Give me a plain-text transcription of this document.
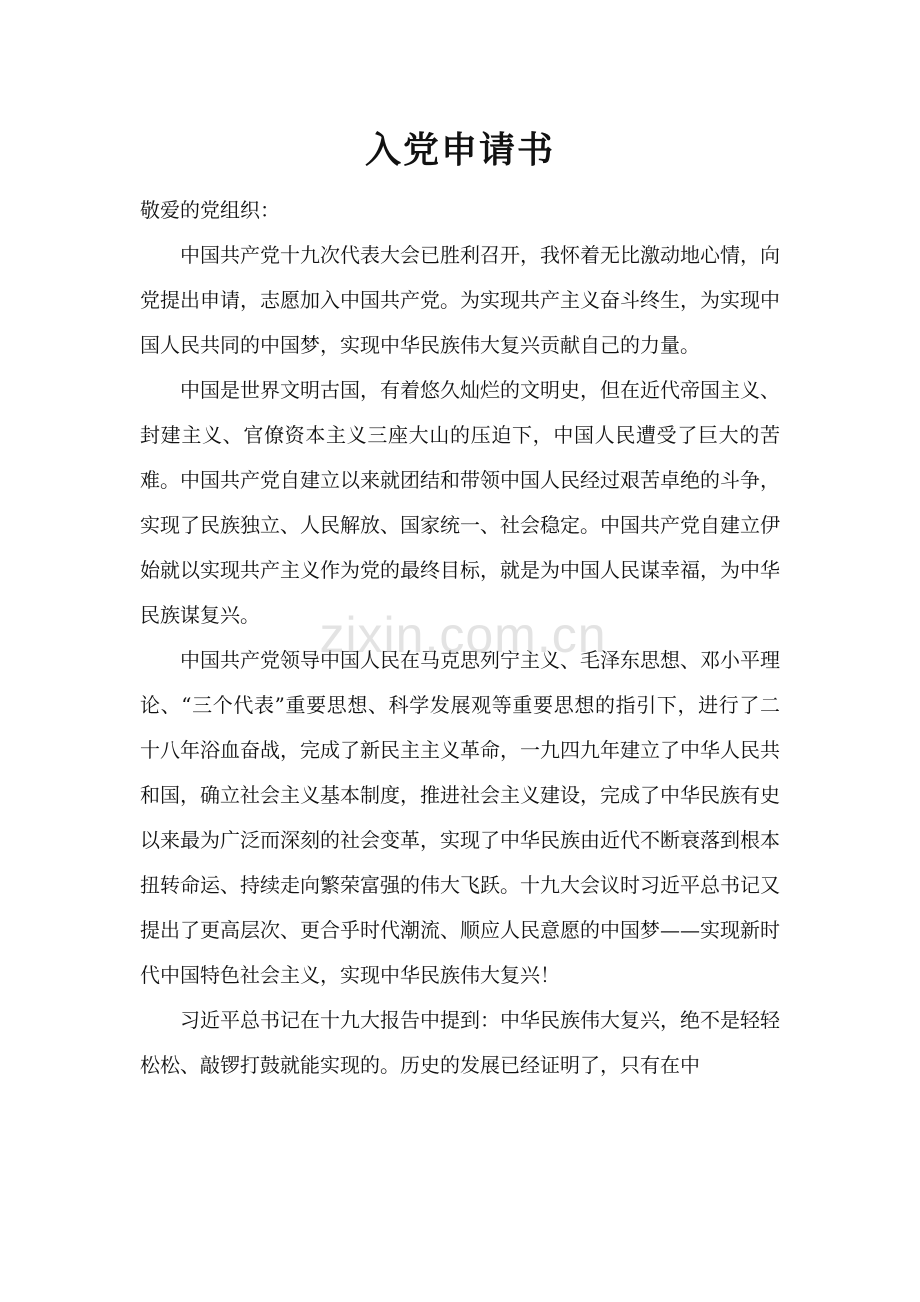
入党申请书

敬爱的党组织：

中国共产党十九次代表大会已胜利召开，我怀着无比激动地心情，向党提出申请，志愿加入中国共产党。为实现共产主义奋斗终生，为实现中国人民共同的中国梦，实现中华民族伟大复兴贡献自己的力量。

中国是世界文明古国，有着悠久灿烂的文明史，但在近代帝国主义、封建主义、官僚资本主义三座大山的压迫下，中国人民遭受了巨大的苦难。中国共产党自建立以来就团结和带领中国人民经过艰苦卓绝的斗争，实现了民族独立、人民解放、国家统一、社会稳定。中国共产党自建立伊始就以实现共产主义作为党的最终目标，就是为中国人民谋幸福，为中华民族谋复兴。

中国共产党领导中国人民在马克思列宁主义、毛泽东思想、邓小平理论、“三个代表”重要思想、科学发展观等重要思想的指引下，进行了二十八年浴血奋战，完成了新民主主义革命，一九四九年建立了中华人民共和国，确立社会主义基本制度，推进社会主义建设，完成了中华民族有史以来最为广泛而深刻的社会变革，实现了中华民族由近代不断衰落到根本扭转命运、持续走向繁荣富强的伟大飞跃。十九大会议时习近平总书记又提出了更高层次、更合乎时代潮流、顺应人民意愿的中国梦——实现新时代中国特色社会主义，实现中华民族伟大复兴！

习近平总书记在十九大报告中提到：中华民族伟大复兴，绝不是轻轻松松、敲锣打鼓就能实现的。历史的发展已经证明了，只有在中

zixin.com.cn
